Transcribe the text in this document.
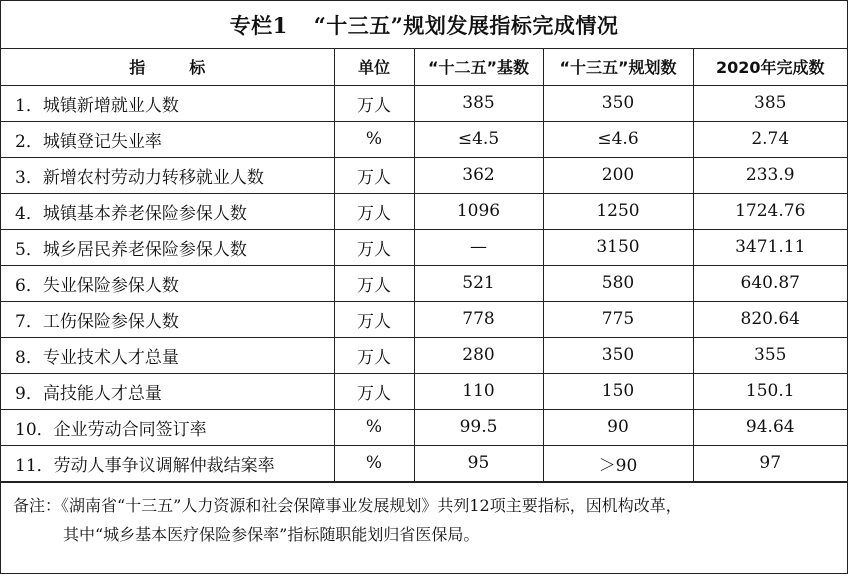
专栏1 “十三五”规划发展指标完成情况
指标	单位	“十二五”基数	“十三五”规划数	2020年完成数
1．城镇新增就业人数	万人	385	350	385
2．城镇登记失业率	%	≤4.5	≤4.6	2.74
3．新增农村劳动力转移就业人数	万人	362	200	233.9
4．城镇基本养老保险参保人数	万人	1096	1250	1724.76
5．城乡居民养老保险参保人数	万人	—	3150	3471.11
6．失业保险参保人数	万人	521	580	640.87
7．工伤保险参保人数	万人	778	775	820.64
8．专业技术人才总量	万人	280	350	355
9．高技能人才总量	万人	110	150	150.1
10．企业劳动合同签订率	%	99.5	90	94.64
11．劳动人事争议调解仲裁结案率	%	95	＞90	97
备注：《湖南省“十三五”人力资源和社会保障事业发展规划》共列12项主要指标，因机构改革，
其中“城乡基本医疗保险参保率”指标随职能划归省医保局。
